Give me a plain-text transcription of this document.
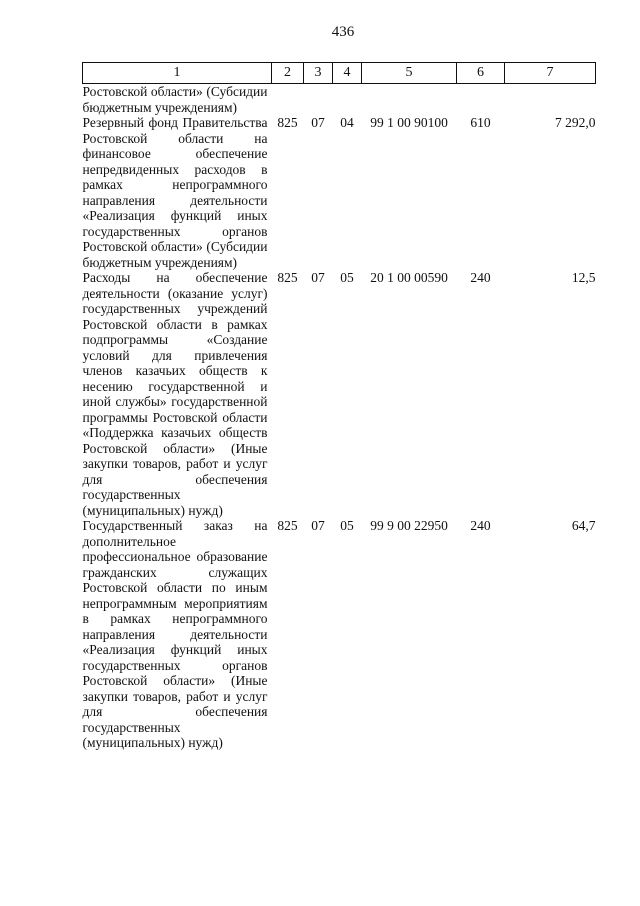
436
1	2	3	4	5	6	7
Ростовской области» (Субсидии бюджетным учреждениям)						
Резервный фонд Правительства Ростовской области на финансовое обеспечение непредвиденных расходов в рамках непрограммного направления деятельности «Реализация функций иных государственных органов Ростовской области» (Субсидии бюджетным учреждениям)	825	07	04	99 1 00 90100	610	7 292,0
Расходы на обеспечение деятельности (оказание услуг) государственных учреждений Ростовской области в рамках подпрограммы «Создание условий для привлечения членов казачьих обществ к несению государственной и иной службы» государственной программы Ростовской области «Поддержка казачьих обществ Ростовской области» (Иные закупки товаров, работ и услуг для обеспечения государственных (муниципальных) нужд)	825	07	05	20 1 00 00590	240	12,5
Государственный заказ на дополнительное профессиональное образование гражданских служащих Ростовской области по иным непрограммным мероприятиям в рамках непрограммного направления деятельности «Реализация функций иных государственных органов Ростовской области» (Иные закупки товаров, работ и услуг для обеспечения государственных (муниципальных) нужд)	825	07	05	99 9 00 22950	240	64,7
